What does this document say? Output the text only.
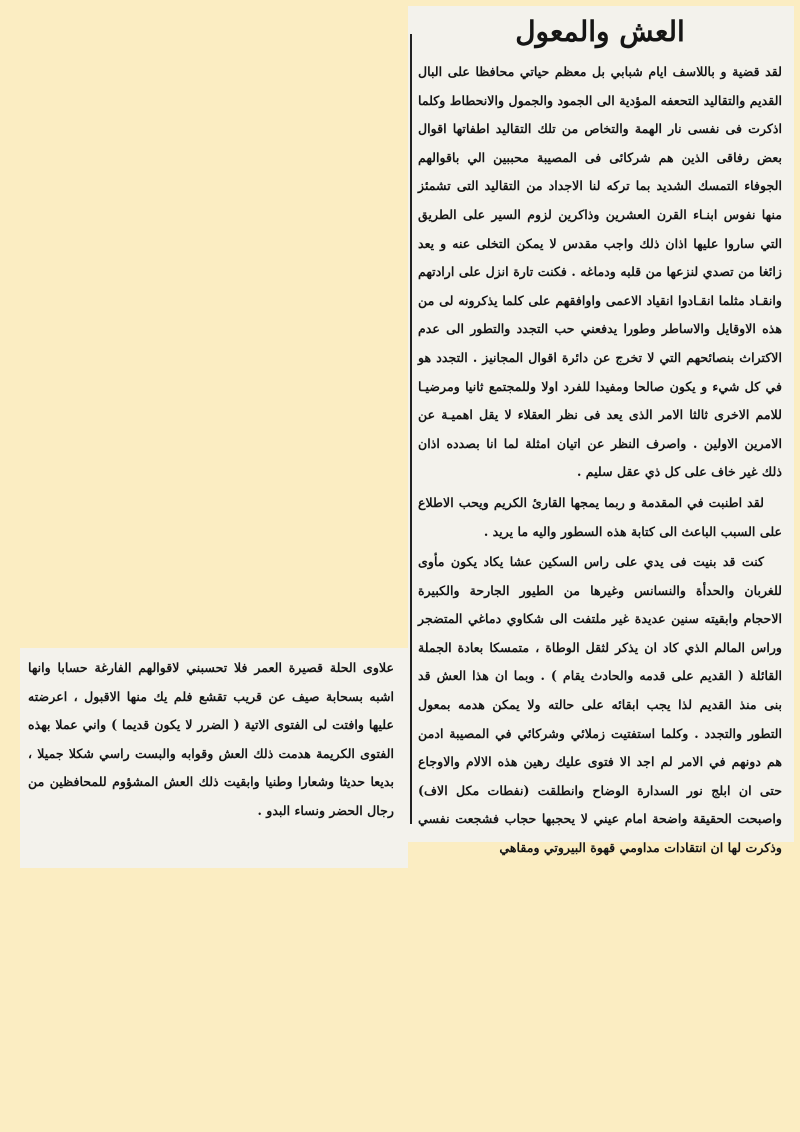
العش والمعول

لقد قضية و باللاسف ايام شبابي بل معظم حياتي محافظا على البال القديم والتقاليد التحعفه المؤدية الى الجمود والجمول والانحطاط وكلما اذكرت فى نفسى نار الهمة والتخاص من تلك التقاليد اطفاتها اقوال بعض رفاقى الذين هم شركائى فى المصيبة محببين الي باقوالهم الجوفاء التمسك الشديد بما تركه لنا الاجداد من التقاليد التى تشمئز منها نفوس ابنـاء القرن العشرين وذاكرين لزوم السير على الطريق التي ساروا عليها اذان ذلك واجب مقدس لا يمكن التخلى عنه و يعد زائغا من تصدي لنزعها من قلبه ودماغه . فكنت تارة انزل على ارادتهم وانقـاد مثلما انقـادوا انقياد الاعمى واوافقهم على كلما يذكرونه لى من هذه الاوقايل والاساطر وطورا يدفعني حب التجدد والتطور الى عدم الاكتراث بنصائحهم التي لا تخرج عن دائرة اقوال المجانيز . التجدد هو في كل شيء و يكون صالحا ومفيدا للفرد اولا وللمجتمع ثانيا ومرضيـا للامم الاخرى ثالثا الامر الذى يعد فى نظر العقلاء لا يقل اهميـة عن الامرين الاولين . واصرف النظر عن اتيان امثلة لما انا بصدده اذان ذلك غير خاف على كل ذي عقل سليم .

لقد اطنبت في المقدمة و ربما يمجها القارئ الكريم ويحب الاطلاع على السبب الباعث الى كتابة هذه السطور واليه ما يريد .

كنت قد بنيت فى يدي على راس السكين عشا يكاد يكون مأوى للغربان والحدأة والنسانس وغيرها من الطيور الجارحة والكبيرة الاحجام وابقيته سنين عديدة غير ملتفت الى شكاوي دماغي المتضجر وراس المالم الذي كاد ان يذكر لثقل الوطاة ، متمسكا بعادة الجملة القائلة ( القديم على قدمه والحادث يقام ) . وبما ان هذا العش قد بنى منذ القديم لذا يجب ابقائه على حالته ولا يمكن هدمه بمعول التطور والتجدد . وكلما استفتيت زملائي وشركائي في المصيبة ادمن هم دونهم في الامر لم اجد الا فتوى عليك رهين هذه الالام والاوجاع حتى ان ابلج نور السدارة الوضاح وانطلقت (نفطات مكل الاف) واصبحت الحقيقة واضحة امام عيني لا يحجبها حجاب فشجعت نفسي وذكرت لها ان انتقادات مداومي قهوة البيروتي ومقاهي

علاوى الحلة قصيرة العمر فلا تحسبني لاقوالهم الفارغة حسابا وانها اشبه بسحابة صيف عن قريب تقشع فلم يك منها الاقبول ، اعرضته عليها وافتت لى الفتوى الاتية ( الضرر لا يكون قديما ) واني عملا بهذه الفتوى الكريمة هدمت ذلك العش وقوابه والبست راسي شكلا جميلا ، بديعا حديثا وشعارا وطنيا وابقيت ذلك العش المشؤوم للمحافظين من رجال الحضر ونساء البدو .
